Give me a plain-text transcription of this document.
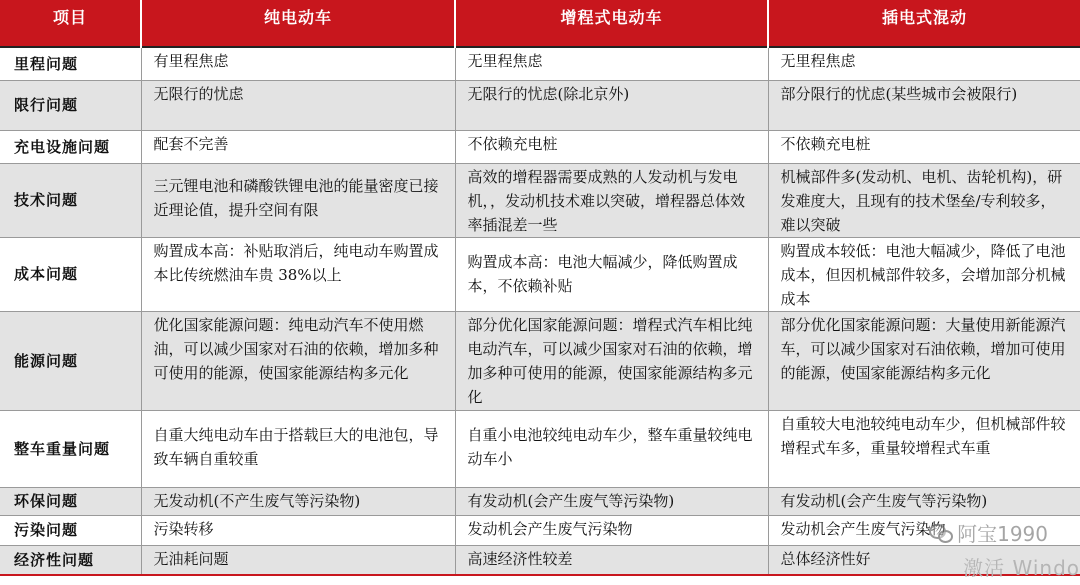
项目	纯电动车	增程式电动车	插电式混动
里程问题	有里程焦虑	无里程焦虑	无里程焦虑
限行问题	无限行的忧虑	无限行的忧虑(除北京外)	部分限行的忧虑(某些城市会被限行)
充电设施问题	配套不完善	不依赖充电桩	不依赖充电桩
技术问题	三元锂电池和磷酸铁锂电池的能量密度已接近理论值，提升空间有限	高效的增程器需要成熟的人发动机与发电机，，发动机技术难以突破，增程器总体效率插混差一些	机械部件多(发动机、电机、齿轮机构)，研发难度大，且现有的技术堡垒/专利较多，难以突破
成本问题	购置成本高：补贴取消后，纯电动车购置成本比传统燃油车贵 38%以上	购置成本高：电池大幅减少，降低购置成本，不依赖补贴	购置成本较低：电池大幅减少，降低了电池成本，但因机械部件较多，会增加部分机械成本
能源问题	优化国家能源问题：纯电动汽车不使用燃油，可以减少国家对石油的依赖，增加多种可使用的能源，使国家能源结构多元化	部分优化国家能源问题：增程式汽车相比纯电动汽车，可以减少国家对石油的依赖，增加多种可使用的能源，使国家能源结构多元化	部分优化国家能源问题：大量使用新能源汽车，可以减少国家对石油依赖，增加可使用的能源，使国家能源结构多元化
整车重量问题	自重大纯电动车由于搭载巨大的电池包，导致车辆自重较重	自重小电池较纯电动车少，整车重量较纯电动车小	自重较大电池较纯电动车少，但机械部件较增程式车多，重量较增程式车重
环保问题	无发动机(不产生废气等污染物)	有发动机(会产生废气等污染物)	有发动机(会产生废气等污染物)
污染问题	污染转移	发动机会产生废气污染物	发动机会产生废气污染物
经济性问题	无油耗问题	高速经济性较差	总体经济性好
阿宝1990
激活 Windo
